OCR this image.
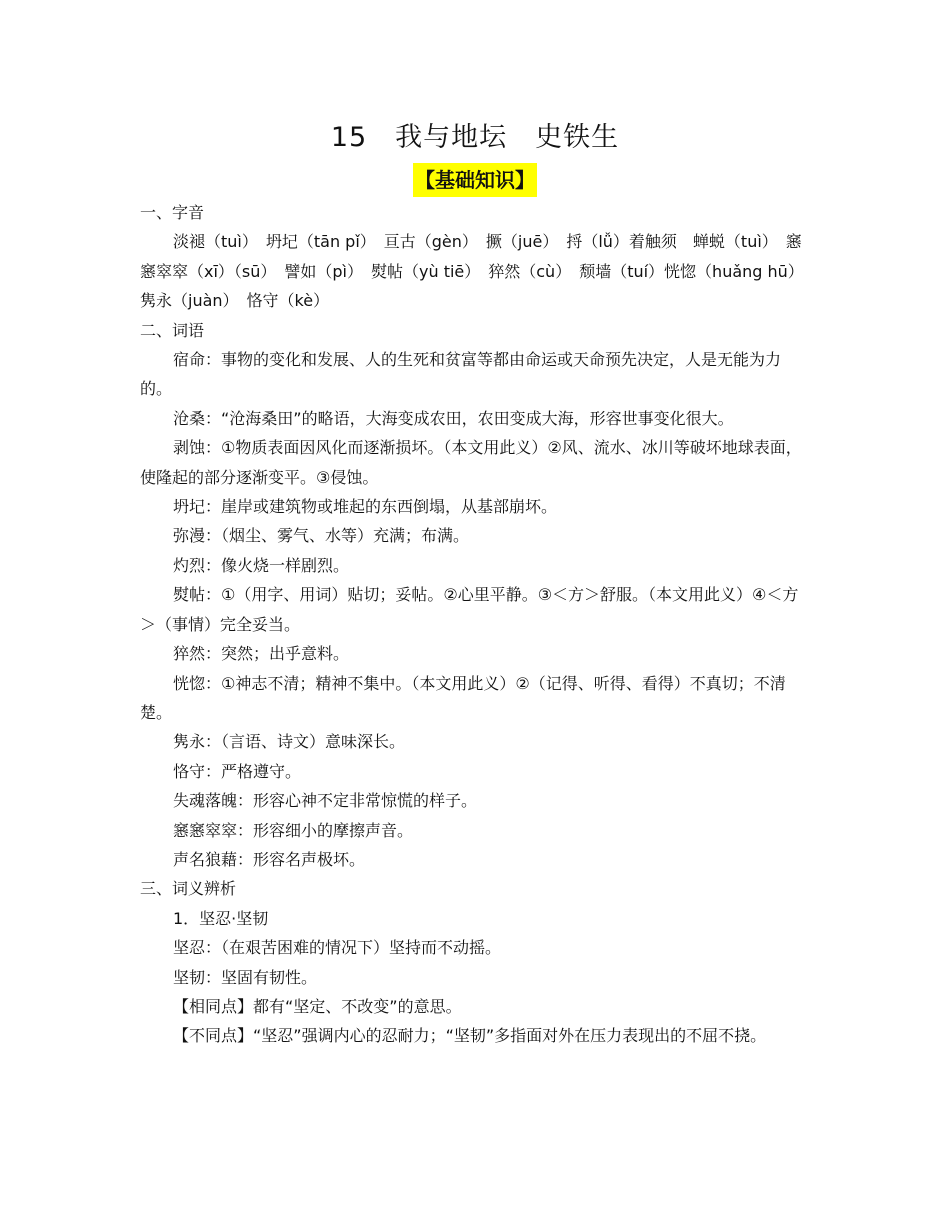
15　我与地坛　史铁生
【基础知识】

一、字音

淡褪（tuì）　坍圮（tān pǐ）　亘古（gèn）　撅（juē）　捋（lǚ）着触须　蝉蜕（tuì）　窸窸窣窣（xī）（sū）　譬如（pì）　熨帖（yù tiē）　猝然（cù）　颓墙（tuí）恍惚（huǎng hū）　隽永（juàn）　恪守（kè）

二、词语

宿命：事物的变化和发展、人的生死和贫富等都由命运或天命预先决定，人是无能为力的。

沧桑：“沧海桑田”的略语，大海变成农田，农田变成大海，形容世事变化很大。

剥蚀：①物质表面因风化而逐渐损坏。（本文用此义）②风、流水、冰川等破坏地球表面，使隆起的部分逐渐变平。③侵蚀。

坍圮：崖岸或建筑物或堆起的东西倒塌，从基部崩坏。

弥漫：（烟尘、雾气、水等）充满；布满。

灼烈：像火烧一样剧烈。

熨帖：①（用字、用词）贴切；妥帖。②心里平静。③＜方＞舒服。（本文用此义）④＜方＞（事情）完全妥当。

猝然：突然；出乎意料。

恍惚：①神志不清；精神不集中。（本文用此义）②（记得、听得、看得）不真切；不清楚。

隽永：（言语、诗文）意味深长。

恪守：严格遵守。

失魂落魄：形容心神不定非常惊慌的样子。

窸窸窣窣：形容细小的摩擦声音。

声名狼藉：形容名声极坏。

三、词义辨析

1．坚忍·坚韧

坚忍：（在艰苦困难的情况下）坚持而不动摇。

坚韧：坚固有韧性。

【相同点】都有“坚定、不改变”的意思。

【不同点】“坚忍”强调内心的忍耐力；“坚韧”多指面对外在压力表现出的不屈不挠。
